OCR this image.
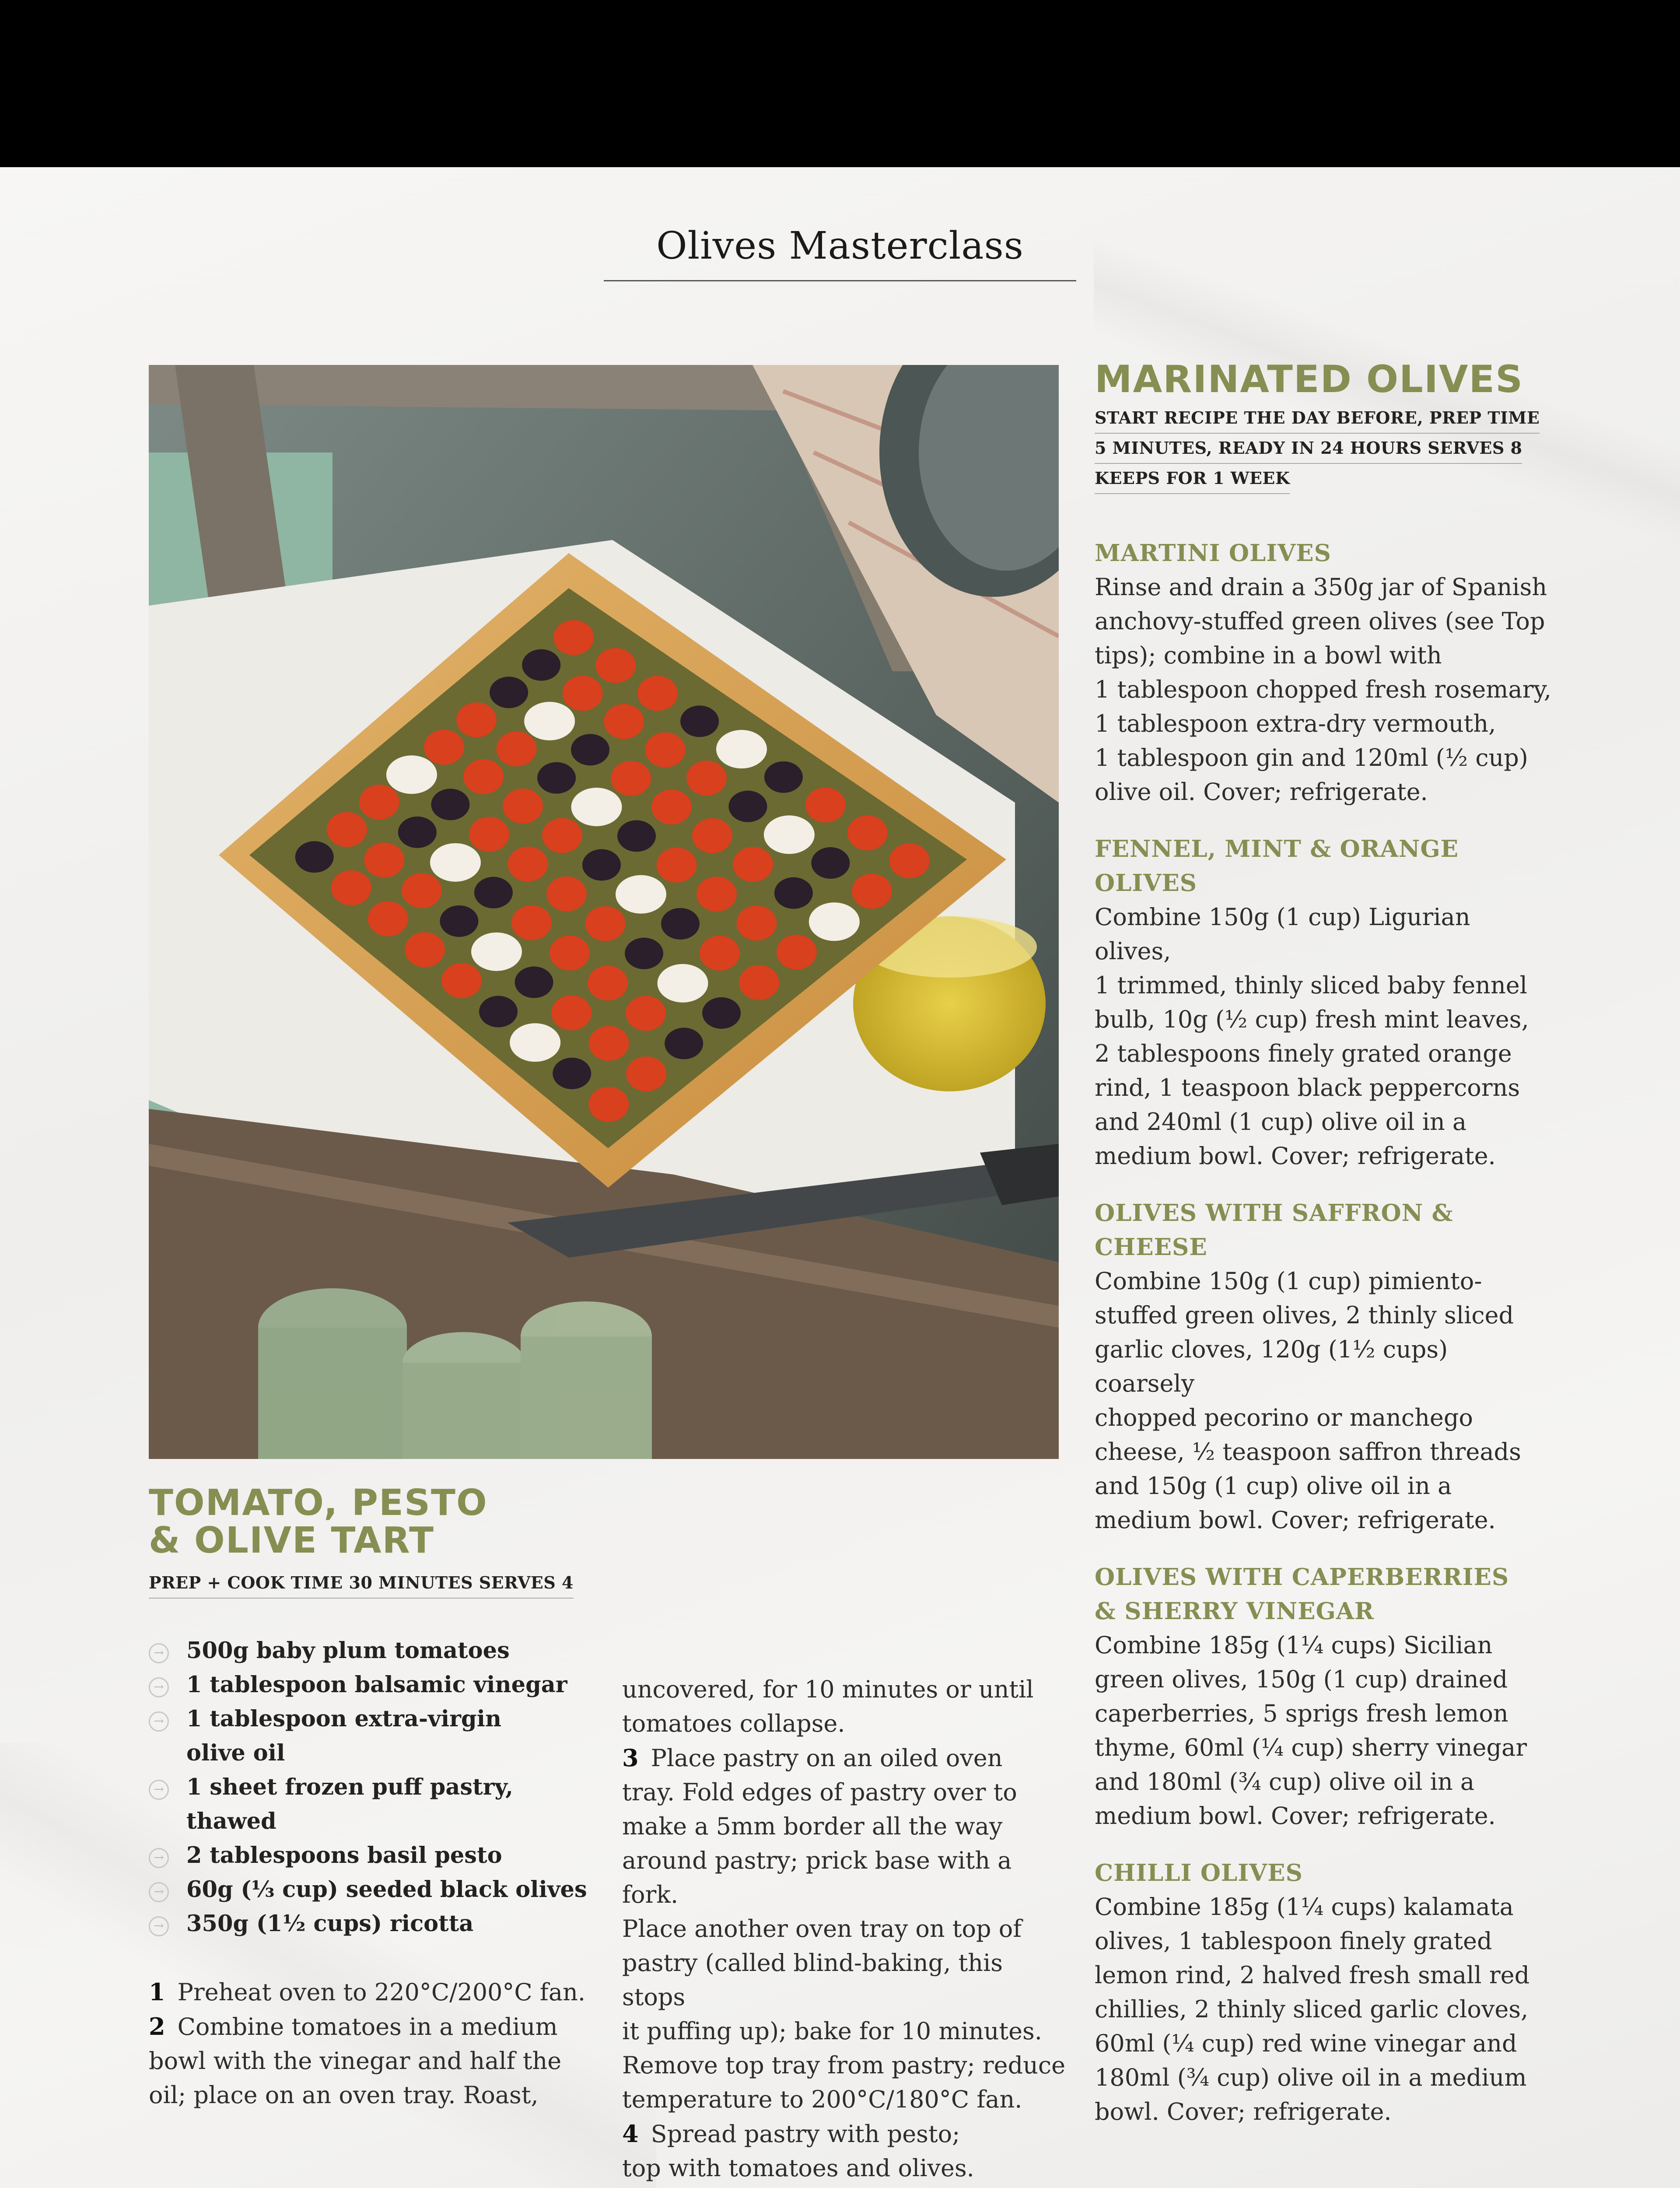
Olives Masterclass
MARINATED OLIVES
START RECIPE THE DAY BEFORE, PREP TIME
5 MINUTES, READY IN 24 HOURS SERVES 8
KEEPS FOR 1 WEEK
MARTINI OLIVES
Rinse and drain a 350g jar of Spanish
anchovy-stuffed green olives (see Top
tips); combine in a bowl with
1 tablespoon chopped fresh rosemary,
1 tablespoon extra-dry vermouth,
1 tablespoon gin and 120ml (½ cup)
olive oil. Cover; refrigerate.
FENNEL, MINT & ORANGE OLIVES
Combine 150g (1 cup) Ligurian olives,
1 trimmed, thinly sliced baby fennel
bulb, 10g (½ cup) fresh mint leaves,
2 tablespoons finely grated orange
rind, 1 teaspoon black peppercorns
and 240ml (1 cup) olive oil in a
medium bowl. Cover; refrigerate.
OLIVES WITH SAFFRON & CHEESE
Combine 150g (1 cup) pimiento-
stuffed green olives, 2 thinly sliced
garlic cloves, 120g (1½ cups) coarsely
chopped pecorino or manchego
cheese, ½ teaspoon saffron threads
and 150g (1 cup) olive oil in a
medium bowl. Cover; refrigerate.
OLIVES WITH CAPERBERRIES
& SHERRY VINEGAR
Combine 185g (1¼ cups) Sicilian
green olives, 150g (1 cup) drained
caperberries, 5 sprigs fresh lemon
thyme, 60ml (¼ cup) sherry vinegar
and 180ml (¾ cup) olive oil in a
medium bowl. Cover; refrigerate.
CHILLI OLIVES
Combine 185g (1¼ cups) kalamata
olives, 1 tablespoon finely grated
lemon rind, 2 halved fresh small red
chillies, 2 thinly sliced garlic cloves,
60ml (¼ cup) red wine vinegar and
180ml (¾ cup) olive oil in a medium
bowl. Cover; refrigerate.
TOMATO, PESTO
& OLIVE TART
PREP + COOK TIME 30 MINUTES SERVES 4
→ 500g baby plum tomatoes
→ 1 tablespoon balsamic vinegar
→ 1 tablespoon extra-virgin
olive oil
→ 1 sheet frozen puff pastry, thawed
→ 2 tablespoons basil pesto
→ 60g (⅓ cup) seeded black olives
→ 350g (1½ cups) ricotta
1 Preheat oven to 220°C/200°C fan.
2 Combine tomatoes in a medium
bowl with the vinegar and half the
oil; place on an oven tray. Roast,
uncovered, for 10 minutes or until
tomatoes collapse.
3 Place pastry on an oiled oven
tray. Fold edges of pastry over to
make a 5mm border all the way
around pastry; prick base with a fork.
Place another oven tray on top of
pastry (called blind-baking, this stops
it puffing up); bake for 10 minutes.
Remove top tray from pastry; reduce
temperature to 200°C/180°C fan.
4 Spread pastry with pesto;
top with tomatoes and olives.
